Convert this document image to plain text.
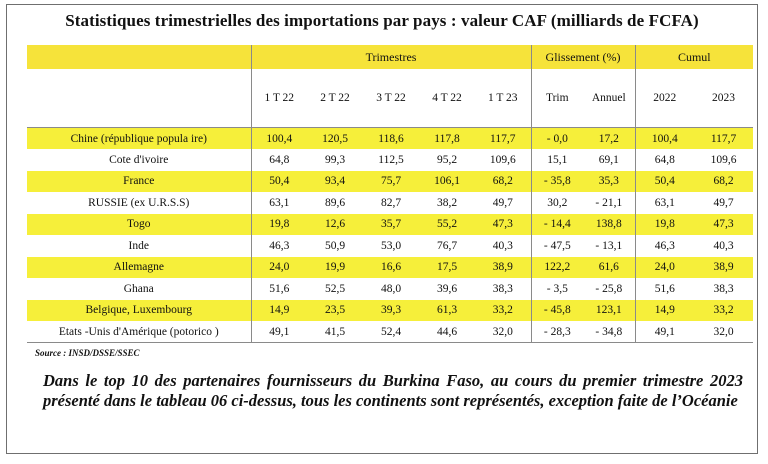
Statistiques trimestrielles des importations par pays : valeur CAF (milliards de FCFA)
	Trimestres					Glissement (%)		Cumul	
	1 T 22	2 T 22	3 T 22	4 T 22	1 T 23	Trim	Annuel	2022	2023
Chine (république popula ire)	100,4	120,5	118,6	117,8	117,7	- 0,0	17,2	100,4	117,7
Cote d'ivoire	64,8	99,3	112,5	95,2	109,6	15,1	69,1	64,8	109,6
France	50,4	93,4	75,7	106,1	68,2	- 35,8	35,3	50,4	68,2
RUSSIE (ex U.R.S.S)	63,1	89,6	82,7	38,2	49,7	30,2	- 21,1	63,1	49,7
Togo	19,8	12,6	35,7	55,2	47,3	- 14,4	138,8	19,8	47,3
Inde	46,3	50,9	53,0	76,7	40,3	- 47,5	- 13,1	46,3	40,3
Allemagne	24,0	19,9	16,6	17,5	38,9	122,2	61,6	24,0	38,9
Ghana	51,6	52,5	48,0	39,6	38,3	- 3,5	- 25,8	51,6	38,3
Belgique, Luxembourg	14,9	23,5	39,3	61,3	33,2	- 45,8	123,1	14,9	33,2
Etats -Unis d'Amérique (potorico )	49,1	41,5	52,4	44,6	32,0	- 28,3	- 34,8	49,1	32,0
Source : INSD/DSSE/SSEC
Dans le top 10 des partenaires fournisseurs du Burkina Faso, au cours du premier trimestre 2023 présenté dans le tableau 06 ci-dessus, tous les continents sont représentés, exception faite de l’Océanie
